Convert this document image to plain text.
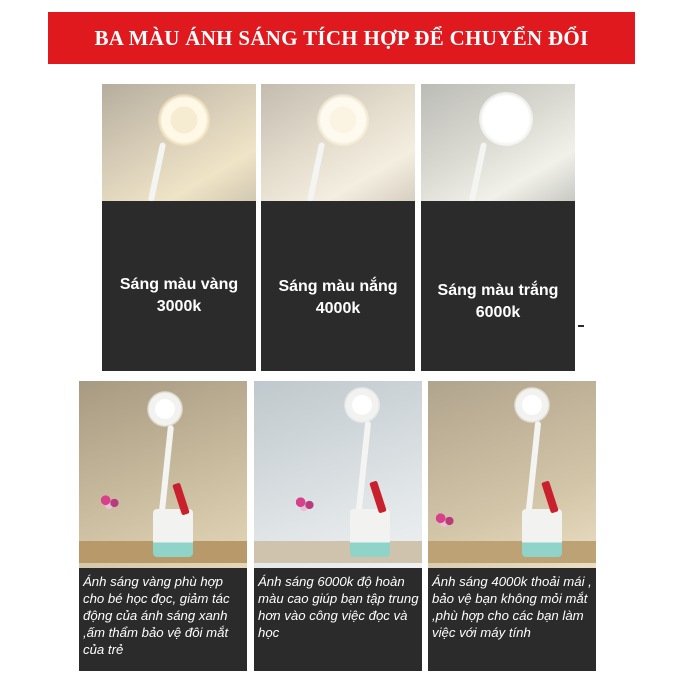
BA MÀU ÁNH SÁNG TÍCH HỢP ĐỂ CHUYỂN ĐỔI
Sáng màu vàng
3000k
Sáng màu nắng
4000k
Sáng màu trắng
6000k
Ánh sáng vàng phù hợp cho bé học đọc, giảm tác động của ánh sáng xanh ,ấm thẩm bảo vệ đôi mắt của trẻ
Ánh sáng 6000k độ hoàn màu cao giúp bạn tập trung hơn vào công việc đọc và học
Ánh sáng 4000k thoải mái , bảo vệ bạn không mỏi mắt ,phù hợp cho các bạn làm việc với máy tính
